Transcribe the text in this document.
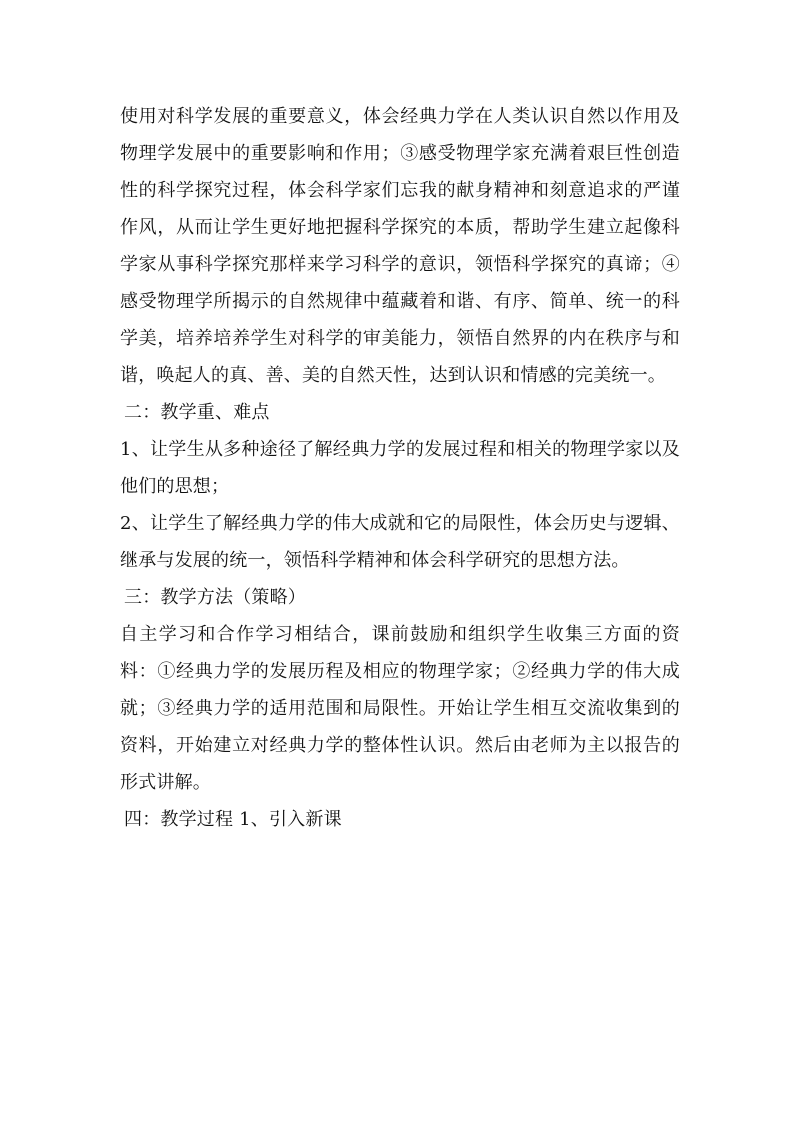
使用对科学发展的重要意义，体会经典力学在人类认识自然以作用及物理学发展中的重要影响和作用；③感受物理学家充满着艰巨性创造性的科学探究过程，体会科学家们忘我的献身精神和刻意追求的严谨作风，从而让学生更好地把握科学探究的本质，帮助学生建立起像科学家从事科学探究那样来学习科学的意识，领悟科学探究的真谛；④感受物理学所揭示的自然规律中蕴藏着和谐、有序、简单、统一的科学美，培养培养学生对科学的审美能力，领悟自然界的内在秩序与和谐，唤起人的真、善、美的自然天性，达到认识和情感的完美统一。

二：教学重、难点

1、让学生从多种途径了解经典力学的发展过程和相关的物理学家以及他们的思想；

2、让学生了解经典力学的伟大成就和它的局限性，体会历史与逻辑、继承与发展的统一，领悟科学精神和体会科学研究的思想方法。

三：教学方法（策略）

自主学习和合作学习相结合，课前鼓励和组织学生收集三方面的资料：①经典力学的发展历程及相应的物理学家；②经典力学的伟大成就；③经典力学的适用范围和局限性。开始让学生相互交流收集到的资料，开始建立对经典力学的整体性认识。然后由老师为主以报告的形式讲解。

四：教学过程 1、引入新课
